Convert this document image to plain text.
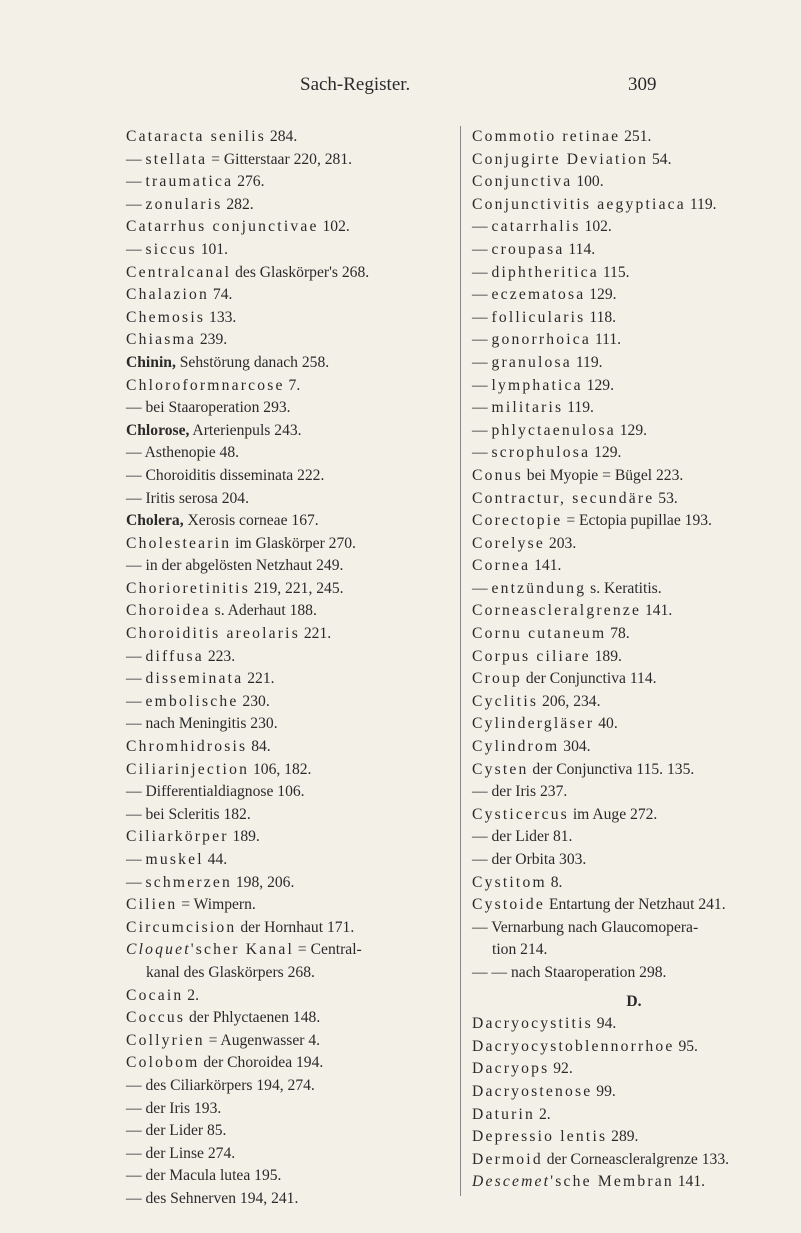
Sach-Register.	309
Cataracta senilis 284.
— stellata = Gitterstaar 220, 281.
— traumatica 276.
— zonularis 282.
Catarrhus conjunctivae 102.
— siccus 101.
Centralcanal des Glaskörper's 268.
Chalazion 74.
Chemosis 133.
Chiasma 239.
Chinin, Sehstörung danach 258.
Chloroformnarcose 7.
— bei Staaroperation 293.
Chlorose, Arterienpuls 243.
— Asthenopie 48.
— Choroiditis disseminata 222.
— Iritis serosa 204.
Cholera, Xerosis corneae 167.
Cholestearin im Glaskörper 270.
— in der abgelösten Netzhaut 249.
Chorioretinitis 219, 221, 245.
Choroidea s. Aderhaut 188.
Choroiditis areolaris 221.
— diffusa 223.
— disseminata 221.
— embolische 230.
— nach Meningitis 230.
Chromhidrosis 84.
Ciliarinjection 106, 182.
— Differentialdiagnose 106.
— bei Scleritis 182.
Ciliarkörper 189.
— muskel 44.
— schmerzen 198, 206.
Cilien = Wimpern.
Circumcision der Hornhaut 171.
Cloquet'scher Kanal = Central-
kanal des Glaskörpers 268.
Cocain 2.
Coccus der Phlyctaenen 148.
Collyrien = Augenwasser 4.
Colobom der Choroidea 194.
— des Ciliarkörpers 194, 274.
— der Iris 193.
— der Lider 85.
— der Linse 274.
— der Macula lutea 195.
— des Sehnerven 194, 241.
Commotio retinae 251.
Conjugirte Deviation 54.
Conjunctiva 100.
Conjunctivitis aegyptiaca 119.
— catarrhalis 102.
— croupasa 114.
— diphtheritica 115.
— eczematosa 129.
— follicularis 118.
— gonorrhoica 111.
— granulosa 119.
— lymphatica 129.
— militaris 119.
— phlyctaenulosa 129.
— scrophulosa 129.
Conus bei Myopie = Bügel 223.
Contractur, secundäre 53.
Corectopie = Ectopia pupillae 193.
Corelyse 203.
Cornea 141.
— entzündung s. Keratitis.
Corneascleralgrenze 141.
Cornu cutaneum 78.
Corpus ciliare 189.
Croup der Conjunctiva 114.
Cyclitis 206, 234.
Cylindergläser 40.
Cylindrom 304.
Cysten der Conjunctiva 115. 135.
— der Iris 237.
Cysticercus im Auge 272.
— der Lider 81.
— der Orbita 303.
Cystitom 8.
Cystoide Entartung der Netzhaut 241.
— Vernarbung nach Glaucomopera-
tion 214.
— — nach Staaroperation 298.
D.
Dacryocystitis 94.
Dacryocystoblennorrhoe 95.
Dacryops 92.
Dacryostenose 99.
Daturin 2.
Depressio lentis 289.
Dermoid der Corneascleralgrenze 133.
Descemet'sche Membran 141.
